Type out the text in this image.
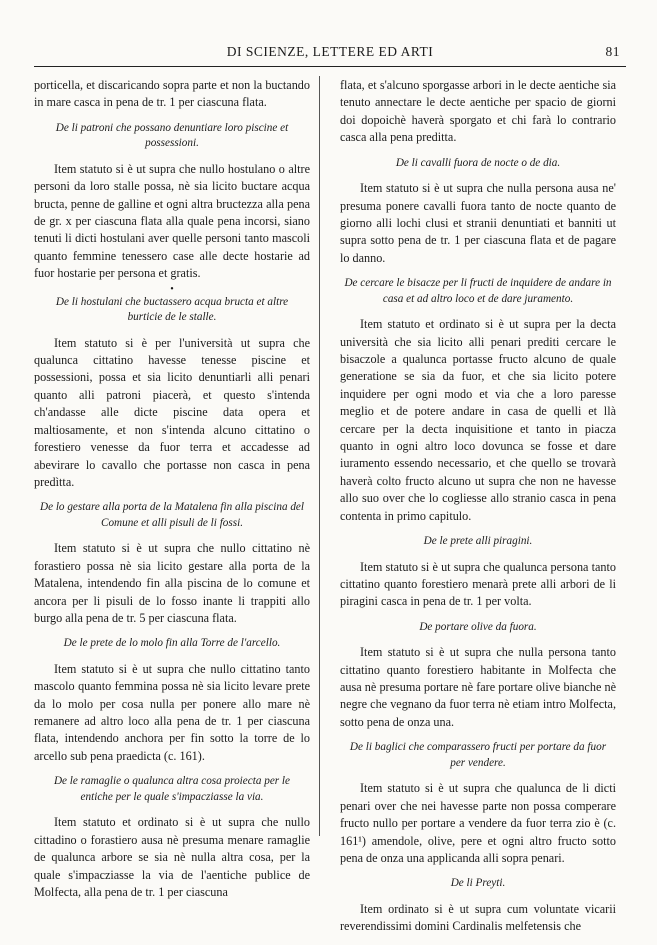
DI SCIENZE, LETTERE ED ARTI	81

porticella, et discaricando sopra parte et non la buctando in mare casca in pena de tr. 1 per ciascuna flata.

De li patroni che possano denuntiare loro piscine et possessioni.

Item statuto si è ut supra che nullo hostulano o altre personi da loro stalle possa, nè sia licito buctare acqua bructa, penne de galline et ogni altra bructezza alla pena de gr. x per ciascuna flata alla quale pena incorsi, siano tenuti li dicti hostulani aver quelle personi tanto mascoli quanto femmine tenessero case alle decte hostarie ad fuor hostarie per persona et gratis.

•

De li hostulani che buctassero acqua bructa et altre burticie de le stalle.

Item statuto si è per l'università ut supra che qualunca cittatino havesse tenesse piscine et possessioni, possa et sia licito denuntiarli alli penari quanto alli patroni piacerà, et questo s'intenda ch'andasse alle dicte piscine data opera et maltiosamente, et non s'intenda alcuno cittatino o forestiero venesse da fuor terra et accadesse ad abevirare lo cavallo che portasse non casca in pena predìtta.

De lo gestare alla porta de la Matalena fin alla piscina del Comune et alli pisuli de li fossi.

Item statuto si è ut supra che nullo cittatino nè forastiero possa nè sia licito gestare alla porta de la Matalena, intendendo fin alla piscina de lo comune et ancora per li pisuli de lo fosso inante li trappiti allo burgo alla pena de tr. 5 per ciascuna flata.

De le prete de lo molo fin alla Torre de l'arcello.

Item statuto si è ut supra che nullo cittatino tanto mascolo quanto femmina possa nè sia licito levare prete da lo molo per cosa nulla per ponere allo mare nè remanere ad altro loco alla pena de tr. 1 per ciascuna flata, intendendo anchora per fin sotto la torre de lo arcello sub pena praedicta (c. 161).

De le ramaglie o qualunca altra cosa proiecta per le entiche per le quale s'impacziasse la via.

Item statuto et ordinato si è ut supra che nullo cittadino o forastiero ausa nè presuma menare ramaglie de qualunca arbore se sia nè nulla altra cosa, per la quale s'impacziasse la via de l'aentiche publice de Molfecta, alla pena de tr. 1 per ciascuna

flata, et s'alcuno sporgasse arbori in le decte aentiche sia tenuto annectare le decte aentiche per spacio de giorni doi dopoichè haverà sporgato et chi farà lo contrario casca alla pena preditta.

De li cavalli fuora de nocte o de dia.

Item statuto si è ut supra che nulla persona ausa ne' presuma ponere cavalli fuora tanto de nocte quanto de giorno alli lochi clusi et stranii denuntiati et banniti ut supra sotto pena de tr. 1 per ciascuna flata et de pagare lo danno.

De cercare le bisacze per li fructi de inquidere de andare in casa et ad altro loco et de dare juramento.

Item statuto et ordinato si è ut supra per la decta università che sia licito alli penari prediti cercare le bisaczole a qualunca portasse fructo alcuno de quale generatione se sia da fuor, et che sia licito potere inquidere per ogni modo et via che a loro paresse meglio et de potere andare in casa de quelli et llà cercare per la decta inquisitione et tanto in piacza quanto in ogni altro loco dovunca se fosse et dare iuramento essendo necessario, et che quello se trovarà haverà colto fructo alcuno ut supra che non ne havesse allo suo over che lo cogliesse allo stranio casca in pena contenta in primo capitulo.

De le prete alli piragini.

Item statuto si è ut supra che qualunca persona tanto cittatino quanto forestiero menarà prete alli arbori de li piragini casca in pena de tr. 1 per volta.

De portare olive da fuora.

Item statuto si è ut supra che nulla persona tanto cittatino quanto forestiero habitante in Molfecta che ausa nè presuma portare nè fare portare olive bianche nè negre che vegnano da fuor terra nè etiam intro Molfecta, sotto pena de onza una.

De li baglici che comparassero fructi per portare da fuor per vendere.

Item statuto si è ut supra che qualunca de li dicti penari over che nei havesse parte non possa comperare fructo nullo per portare a vendere da fuor terra zio è (c. 161¹) amendole, olive, pere et ogni altro fructo sotto pena de onza una applicanda alli sopra penari.

De li Preyti.

Item ordinato si è ut supra cum voluntate vicarii reverendissimi domini Cardinalis melfetensis che
